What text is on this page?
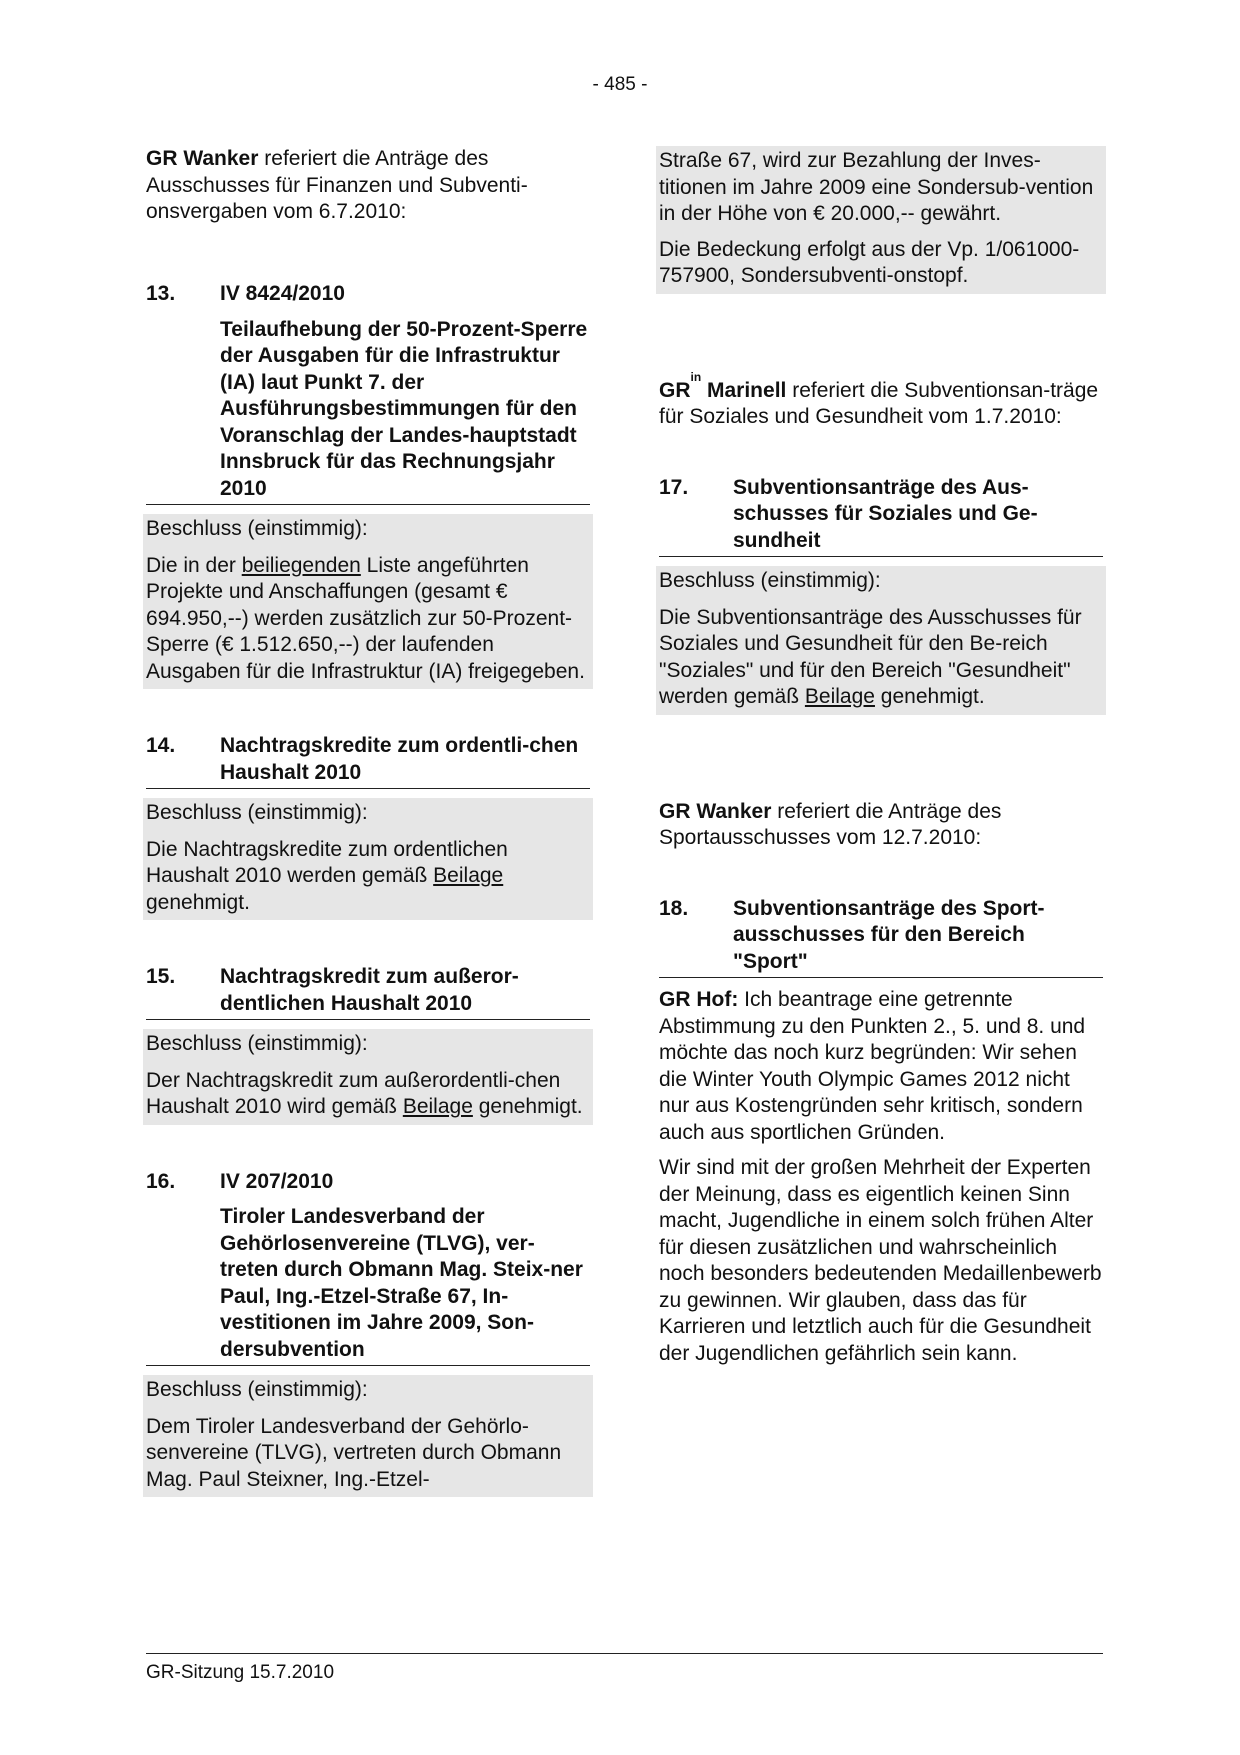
- 485 -
GR Wanker referiert die Anträge des Ausschusses für Finanzen und Subventi-onsvergaben vom 6.7.2010:
13. IV 8424/2010
Teilaufhebung der 50-Prozent-Sperre der Ausgaben für die Infrastruktur (IA) laut Punkt 7. der Ausführungsbestimmungen für den Voranschlag der Landes-hauptstadt Innsbruck für das Rechnungsjahr 2010

Beschluss (einstimmig):

Die in der beiliegenden Liste angeführten Projekte und Anschaffungen (gesamt € 694.950,--) werden zusätzlich zur 50-Prozent-Sperre (€ 1.512.650,--) der laufenden Ausgaben für die Infrastruktur (IA) freigegeben.

14. Nachtragskredite zum ordentli-chen Haushalt 2010

Beschluss (einstimmig):

Die Nachtragskredite zum ordentlichen Haushalt 2010 werden gemäß Beilage genehmigt.

15. Nachtragskredit zum außeror-dentlichen Haushalt 2010

Beschluss (einstimmig):

Der Nachtragskredit zum außerordentli-chen Haushalt 2010 wird gemäß Beilage genehmigt.

16. IV 207/2010
Tiroler Landesverband der Gehörlosenvereine (TLVG), ver-treten durch Obmann Mag. Steix-ner Paul, Ing.-Etzel-Straße 67, In-vestitionen im Jahre 2009, Son-dersubvention

Beschluss (einstimmig):

Dem Tiroler Landesverband der Gehörlo-senvereine (TLVG), vertreten durch Obmann Mag. Paul Steixner, Ing.-Etzel-

Straße 67, wird zur Bezahlung der Inves-titionen im Jahre 2009 eine Sondersub-vention in der Höhe von € 20.000,-- gewährt.

Die Bedeckung erfolgt aus der Vp. 1/061000-757900, Sondersubventi-onstopf.

$GR^{in}$ Marinell referiert die Subventionsan-träge für Soziales und Gesundheit vom 1.7.2010:
17. Subventionsanträge des Aus-schusses für Soziales und Ge-sundheit

Beschluss (einstimmig):

Die Subventionsanträge des Ausschusses für Soziales und Gesundheit für den Be-reich "Soziales" und für den Bereich "Gesundheit" werden gemäß Beilage genehmigt.

GR Wanker referiert die Anträge des Sportausschusses vom 12.7.2010:
18. Subventionsanträge des Sport-ausschusses für den Bereich "Sport"

GR Hof: Ich beantrage eine getrennte Abstimmung zu den Punkten 2., 5. und 8. und möchte das noch kurz begründen: Wir sehen die Winter Youth Olympic Games 2012 nicht nur aus Kostengründen sehr kritisch, sondern auch aus sportlichen Gründen.

Wir sind mit der großen Mehrheit der Experten der Meinung, dass es eigentlich keinen Sinn macht, Jugendliche in einem solch frühen Alter für diesen zusätzlichen und wahrscheinlich noch besonders bedeutenden Medaillenbewerb zu gewinnen. Wir glauben, dass das für Karrieren und letztlich auch für die Gesundheit der Jugendlichen gefährlich sein kann.

GR-Sitzung 15.7.2010
